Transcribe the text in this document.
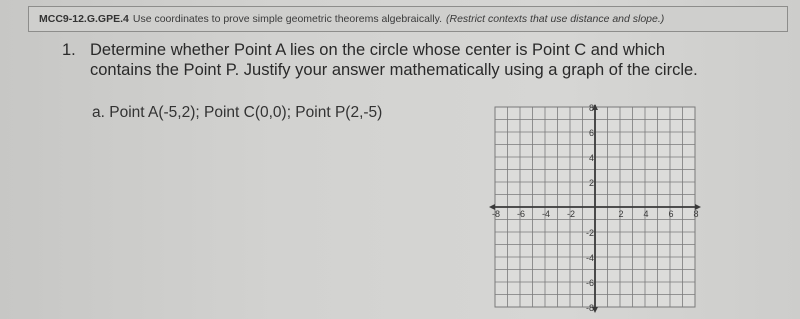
MCC9-12.G.GPE.4 Use coordinates to prove simple geometric theorems algebraically. (Restrict contexts that use distance and slope.)
1. Determine whether Point A lies on the circle whose center is Point C and which
contains the Point P. Justify your answer mathematically using a graph of the circle.
a. Point A(-5,2); Point C(0,0); Point P(2,-5)
-8 -6 -4 -2	2 4 6 8
8
6
4
2
-2
-4
-6
-8
